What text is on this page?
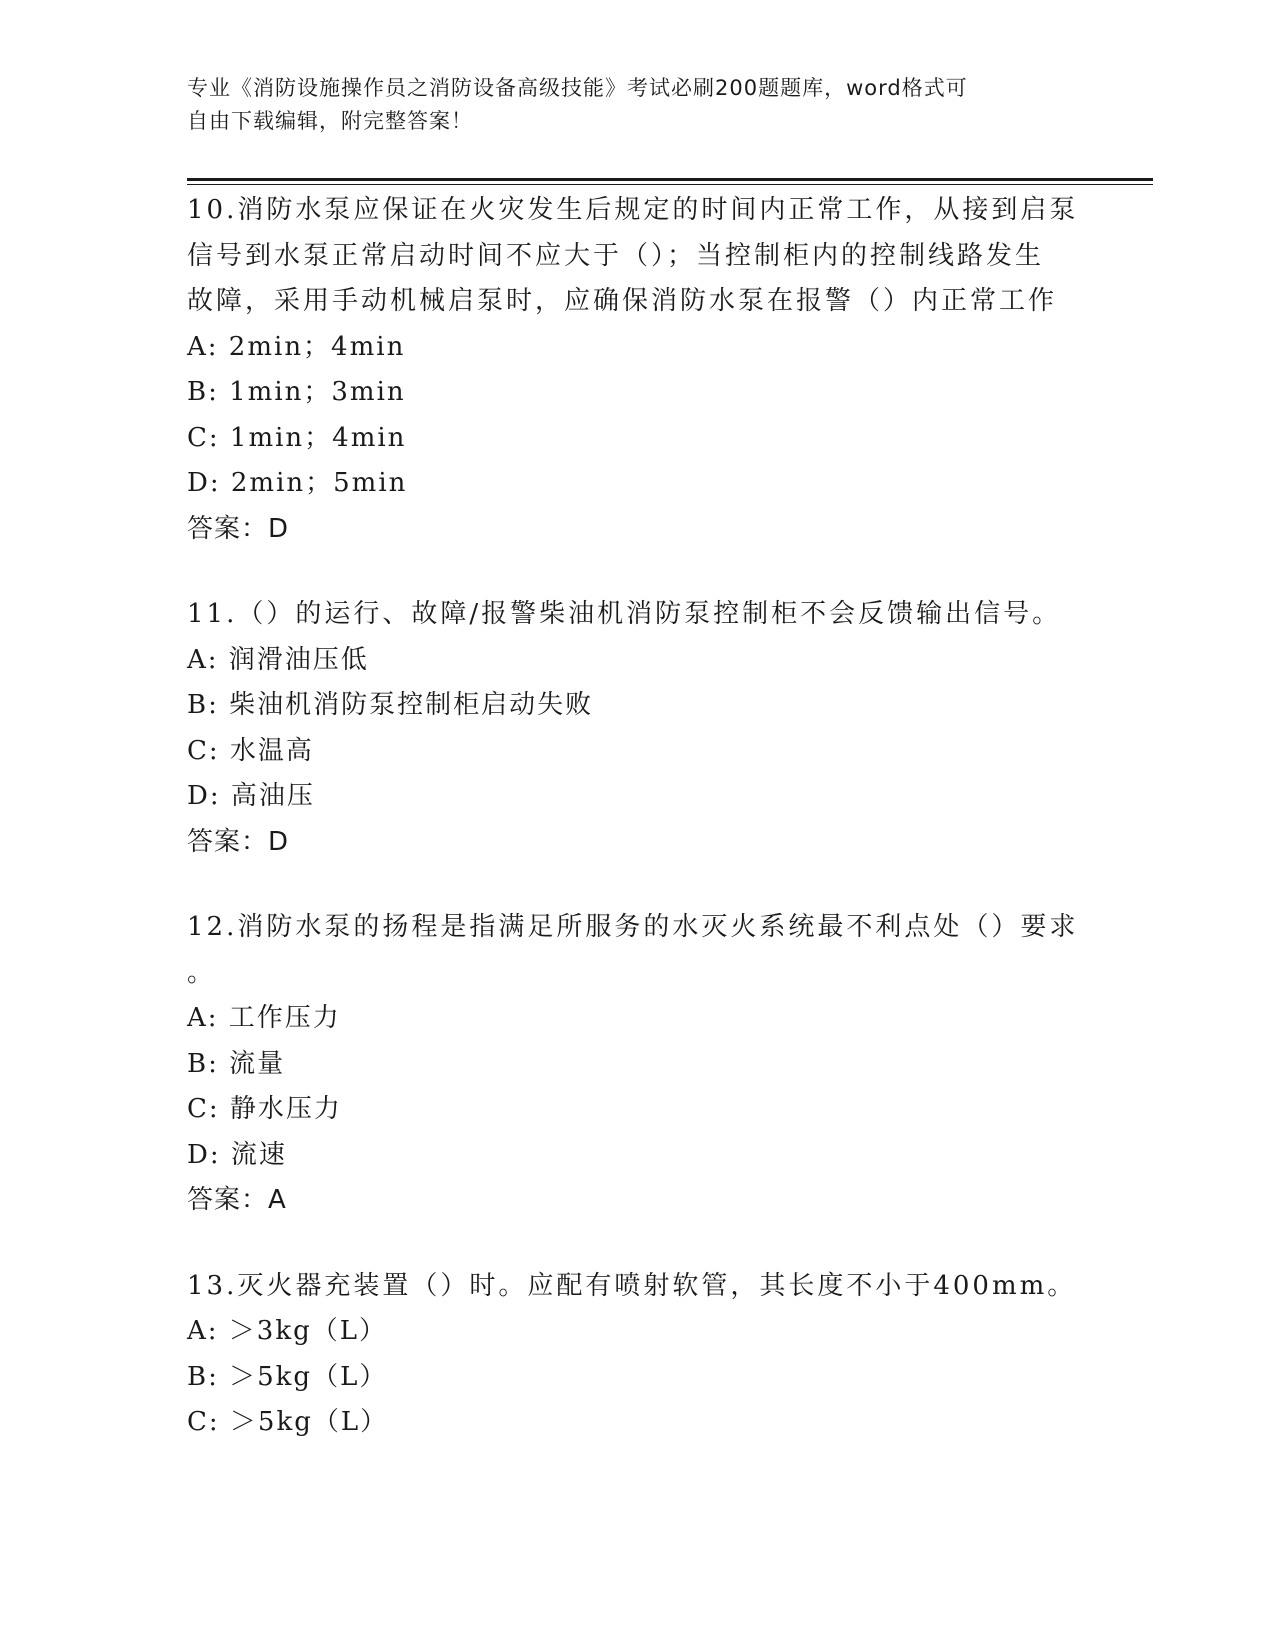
专业《消防设施操作员之消防设备高级技能》考试必刷200题题库，word格式可
自由下载编辑，附完整答案！
10.消防水泵应保证在火灾发生后规定的时间内正常工作，从接到启泵
信号到水泵正常启动时间不应大于（）；当控制柜内的控制线路发生
故障，采用手动机械启泵时，应确保消防水泵在报警（）内正常工作
A: 2min；4min
B: 1min；3min
C: 1min；4min
D: 2min；5min
答案：D
11.（）的运行、故障/报警柴油机消防泵控制柜不会反馈输出信号。
A: 润滑油压低
B: 柴油机消防泵控制柜启动失败
C: 水温高
D: 高油压
答案：D
12.消防水泵的扬程是指满足所服务的水灭火系统最不利点处（）要求
。
A: 工作压力
B: 流量
C: 静水压力
D: 流速
答案：A
13.灭火器充装置（）时。应配有喷射软管，其长度不小于400mm。
A: ＞3kg（L）
B: ＞5kg（L）
C: ＞5kg（L）
